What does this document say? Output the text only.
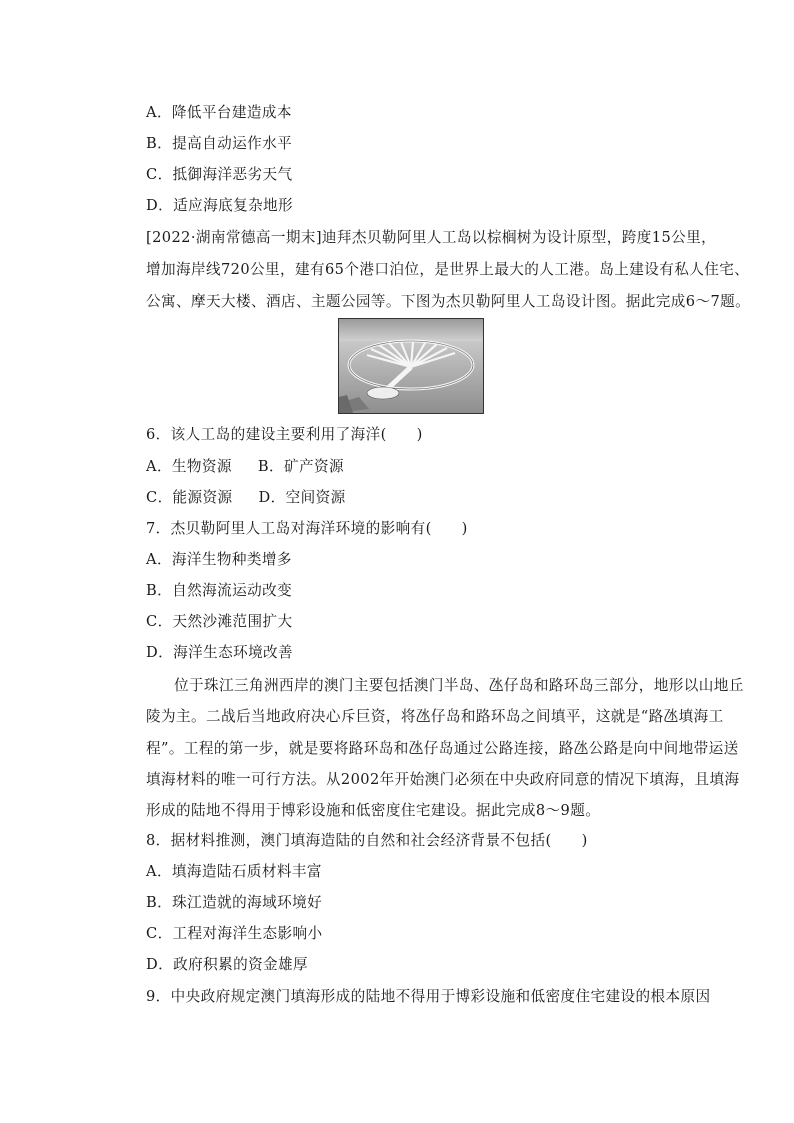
A．降低平台建造成本
B．提高自动运作水平
C．抵御海洋恶劣天气
D．适应海底复杂地形
[2022·湖南常德高一期末]迪拜杰贝勒阿里人工岛以棕榈树为设计原型，跨度15公里，
增加海岸线720公里，建有65个港口泊位，是世界上最大的人工港。岛上建设有私人住宅、
公寓、摩天大楼、酒店、主题公园等。下图为杰贝勒阿里人工岛设计图。据此完成6～7题。
6．该人工岛的建设主要利用了海洋(　　)
A．生物资源 B．矿产资源
C．能源资源 D．空间资源
7．杰贝勒阿里人工岛对海洋环境的影响有(　　)
A．海洋生物种类增多
B．自然海流运动改变
C．天然沙滩范围扩大
D．海洋生态环境改善
位于珠江三角洲西岸的澳门主要包括澳门半岛、氹仔岛和路环岛三部分，地形以山地丘
陵为主。二战后当地政府决心斥巨资，将氹仔岛和路环岛之间填平，这就是“路氹填海工
程”。工程的第一步，就是要将路环岛和氹仔岛通过公路连接，路氹公路是向中间地带运送
填海材料的唯一可行方法。从2002年开始澳门必须在中央政府同意的情况下填海，且填海
形成的陆地不得用于博彩设施和低密度住宅建设。据此完成8～9题。
8．据材料推测，澳门填海造陆的自然和社会经济背景不包括(　　)
A．填海造陆石质材料丰富
B．珠江造就的海域环境好
C．工程对海洋生态影响小
D．政府积累的资金雄厚
9．中央政府规定澳门填海形成的陆地不得用于博彩设施和低密度住宅建设的根本原因
